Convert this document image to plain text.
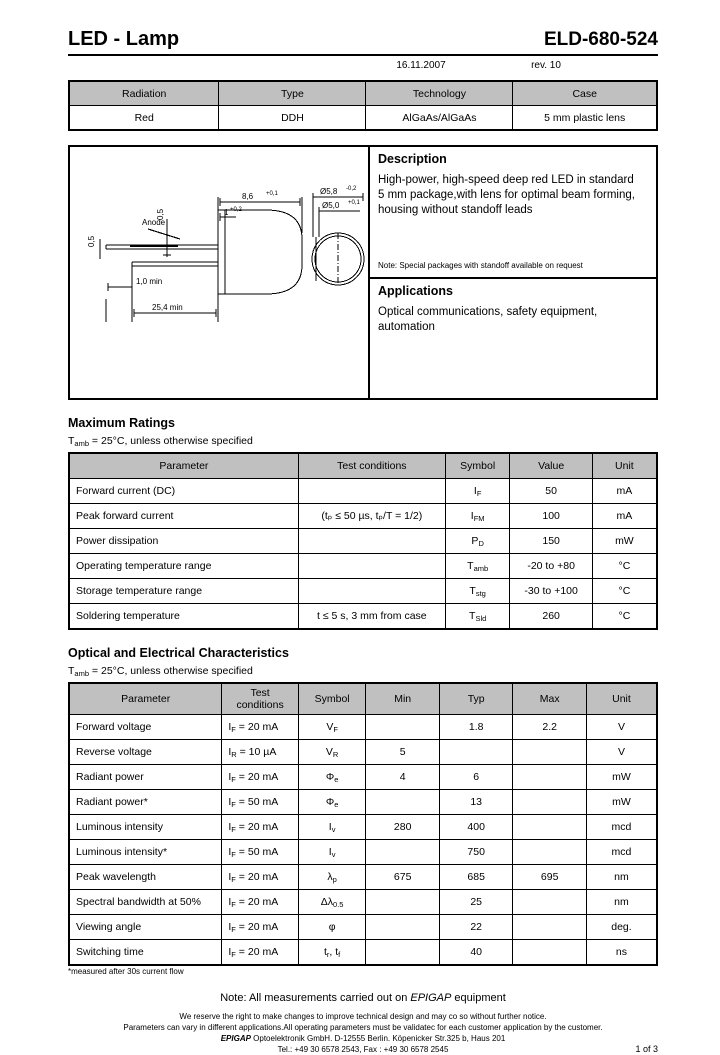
LED - Lamp	ELD-680-524
16.11.2007	rev. 10
Radiation	Type	Technology	Case
Red	DDH	AlGaAs/AlGaAs	5 mm plastic lens
Anode
0,5
0,5
1,0 min
25,4 min
8,6 +0,1
1 +0,2
Ø5,8 -0,2
Ø5,0 +0,1
Description
High-power, high-speed deep red LED in standard
5 mm package,with lens for optimal beam forming,
housing without standoff leads
Note: Special packages with standoff available on request
Applications
Optical communications, safety equipment,
automation
Maximum Ratings
$T_{amb} = 25^\circ C$, unless otherwise specified
Parameter	Test conditions	Symbol	Value	Unit
Forward current (DC)		$I_F$	50	mA
Peak forward current	(tₚ ≤ 50 µs, tₚ/T = 1/2)	$I_{FM}$	100	mA
Power dissipation		$P_D$	150	mW
Operating temperature range		$T_{amb}$	-20 to +80	°C
Storage temperature range		$T_{stg}$	-30 to +100	°C
Soldering temperature	t ≤ 5 s, 3 mm from case	$T_{Sld}$	260	°C
Optical and Electrical Characteristics
$T_{amb} = 25^\circ C$, unless otherwise specified
Parameter	Test conditions	Symbol	Min	Typ	Max	Unit
Forward voltage	$I_F = 20$ mA	$V_F$		1.8	2.2	V
Reverse voltage	$I_R = 10$ µA	$V_R$	5			V
Radiant power	$I_F = 20$ mA	$\Phi_e$	4	6		mW
Radiant power*	$I_F = 50$ mA	$\Phi_e$		13		mW
Luminous intensity	$I_F = 20$ mA	$I_v$	280	400		mcd
Luminous intensity*	$I_F = 50$ mA	$I_v$		750		mcd
Peak wavelength	$I_F = 20$ mA	$\lambda_p$	675	685	695	nm
Spectral bandwidth at 50%	$I_F = 20$ mA	$\Delta\lambda_{0.5}$		25		nm
Viewing angle	$I_F = 20$ mA	φ		22		deg.
Switching time	$I_F = 20$ mA	$t_r$, $t_f$		40		ns
*measured after 30s current flow
Note: All measurements carried out on EPIGAP equipment
We reserve the right to make changes to improve technical design and may co so without further notice.
Parameters can vary in different applications.All operating parameters must be validatec for each customer application by the customer.
EPIGAP Optoelektronik GmbH. D-12555 Berlin. Köpenicker Str.325 b, Haus 201
Tel.: +49 30 6578 2543, Fax : +49 30 6578 2545	1 of 3
